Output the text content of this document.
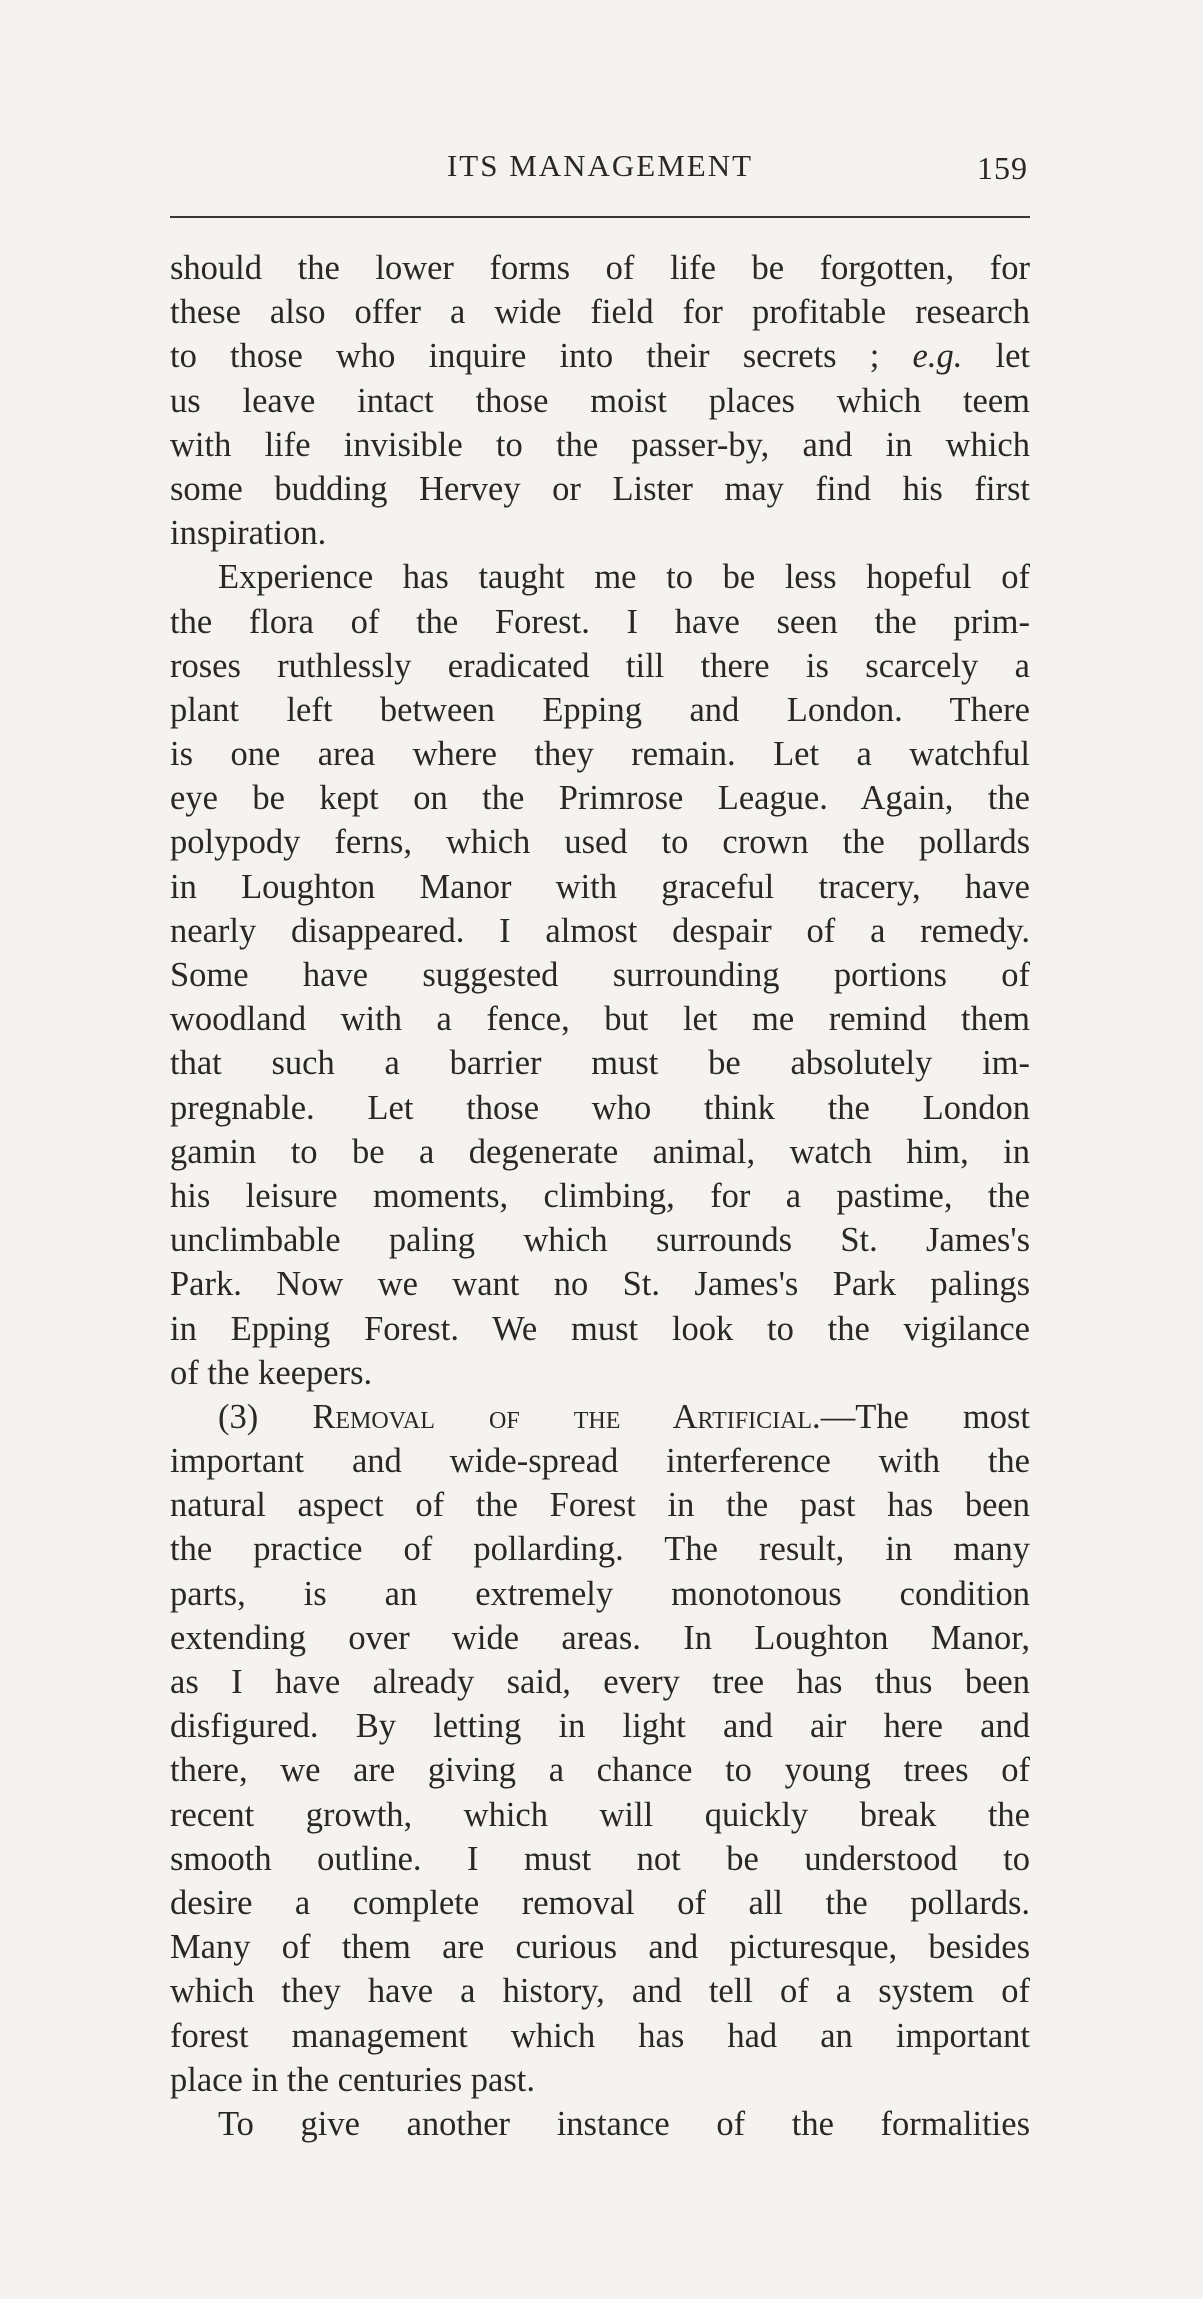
ITS MANAGEMENT	159
should the lower forms of life be forgotten, for
these also offer a wide field for profitable research
to those who inquire into their secrets ; e.g. let
us leave intact those moist places which teem
with life invisible to the passer-by, and in which
some budding Hervey or Lister may find his first
inspiration.
Experience has taught me to be less hopeful of
the flora of the Forest. I have seen the prim-
roses ruthlessly eradicated till there is scarcely a
plant left between Epping and London. There
is one area where they remain. Let a watchful
eye be kept on the Primrose League. Again, the
polypody ferns, which used to crown the pollards
in Loughton Manor with graceful tracery, have
nearly disappeared. I almost despair of a remedy.
Some have suggested surrounding portions of
woodland with a fence, but let me remind them
that such a barrier must be absolutely im-
pregnable. Let those who think the London
gamin to be a degenerate animal, watch him, in
his leisure moments, climbing, for a pastime, the
unclimbable paling which surrounds St. James's
Park. Now we want no St. James's Park palings
in Epping Forest. We must look to the vigilance
of the keepers.
(3) Removal of the Artificial.—The most
important and wide-spread interference with the
natural aspect of the Forest in the past has been
the practice of pollarding. The result, in many
parts, is an extremely monotonous condition
extending over wide areas. In Loughton Manor,
as I have already said, every tree has thus been
disfigured. By letting in light and air here and
there, we are giving a chance to young trees of
recent growth, which will quickly break the
smooth outline. I must not be understood to
desire a complete removal of all the pollards.
Many of them are curious and picturesque, besides
which they have a history, and tell of a system of
forest management which has had an important
place in the centuries past.
To give another instance of the formalities
